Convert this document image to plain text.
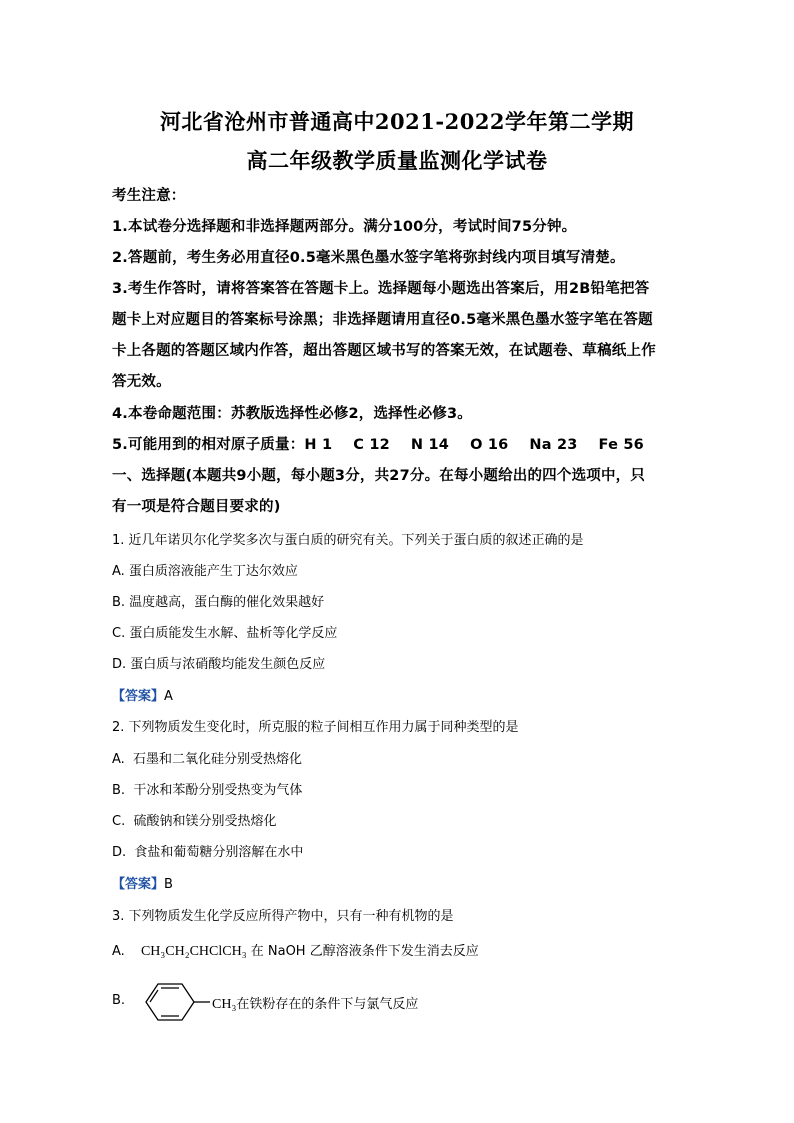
河北省沧州市普通高中2021-2022学年第二学期
高二年级教学质量监测化学试卷
考生注意：
1.本试卷分选择题和非选择题两部分。满分100分，考试时间75分钟。
2.答题前，考生务必用直径0.5毫米黑色墨水签字笔将弥封线内项目填写清楚。
3.考生作答时，请将答案答在答题卡上。选择题每小题选出答案后，用2B铅笔把答
题卡上对应题目的答案标号涂黑；非选择题请用直径0.5毫米黑色墨水签字笔在答题
卡上各题的答题区域内作答，超出答题区域书写的答案无效，在试题卷、草稿纸上作
答无效。
4.本卷命题范围：苏教版选择性必修2，选择性必修3。
5.可能用到的相对原子质量：H 1    C 12    N 14    O 16    Na 23    Fe 56
一、选择题(本题共9小题，每小题3分，共27分。在每小题给出的四个选项中，只
有一项是符合题目要求的)
1. 近几年诺贝尔化学奖多次与蛋白质的研究有关。下列关于蛋白质的叙述正确的是
A. 蛋白质溶液能产生丁达尔效应
B. 温度越高，蛋白酶的催化效果越好
C. 蛋白质能发生水解、盐析等化学反应
D. 蛋白质与浓硝酸均能发生颜色反应
【答案】A
2. 下列物质发生变化时，所克服的粒子间相互作用力属于同种类型的是
A.  石墨和二氧化硅分别受热熔化
B.  干冰和苯酚分别受热变为气体
C.  硫酸钠和镁分别受热熔化
D.  食盐和葡萄糖分别溶解在水中
【答案】B
3. 下列物质发生化学反应所得产物中，只有一种有机物的是
A. CH₃CH₂CHClCH₃ 在 NaOH 乙醇溶液条件下发生消去反应
B.	CH₃在铁粉存在的条件下与氯气反应
